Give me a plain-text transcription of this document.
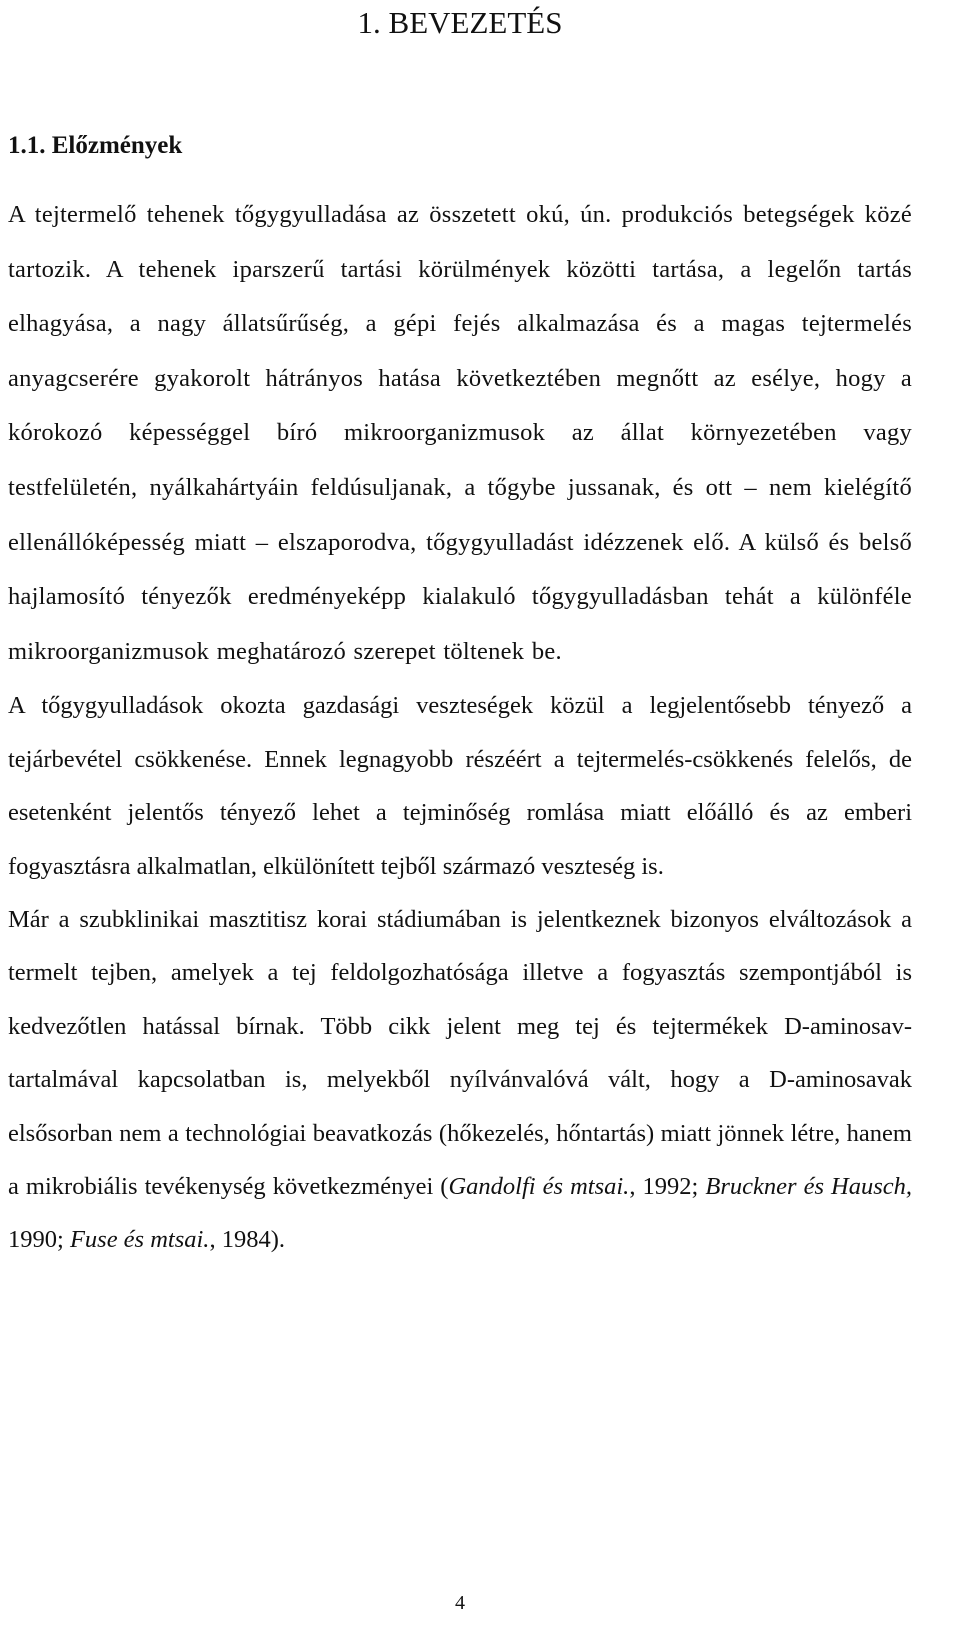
1. BEVEZETÉS
1.1. Előzmények

A tejtermelő tehenek tőgygyulladása az összetett okú, ún. produkciós betegségek közé tartozik. A tehenek iparszerű tartási körülmények közötti tartása, a legelőn tartás elhagyása, a nagy állatsűrűség, a gépi fejés alkalmazása és a magas tejtermelés anyagcserére gyakorolt hátrányos hatása következtében megnőtt az esélye, hogy a kórokozó képességgel bíró mikroorganizmusok az állat környezetében vagy testfelületén, nyálkahártyáin feldúsuljanak, a tőgybe jussanak, és ott – nem kielégítő ellenállóképesség miatt – elszaporodva, tőgygyulladást idézzenek elő. A külső és belső hajlamosító tényezők eredményeképp kialakuló tőgygyulladásban tehát a különféle mikroorganizmusok meghatározó szerepet töltenek be.

A tőgygyulladások okozta gazdasági veszteségek közül a legjelentősebb tényező a tejárbevétel csökkenése. Ennek legnagyobb részéért a tejtermelés-csökkenés felelős, de esetenként jelentős tényező lehet a tejminőség romlása miatt előálló és az emberi fogyasztásra alkalmatlan, elkülönített tejből származó veszteség is.

Már a szubklinikai masztitisz korai stádiumában is jelentkeznek bizonyos elváltozások a termelt tejben, amelyek a tej feldolgozhatósága illetve a fogyasztás szempontjából is kedvezőtlen hatással bírnak. Több cikk jelent meg tej és tejtermékek D-aminosav-tartalmával kapcsolatban is, melyekből nyílvánvalóvá vált, hogy a D-aminosavak elsősorban nem a technológiai beavatkozás (hőkezelés, hőntartás) miatt jönnek létre, hanem a mikrobiális tevékenység következményei (Gandolfi és mtsai., 1992; Bruckner és Hausch, 1990; Fuse és mtsai., 1984).

4
